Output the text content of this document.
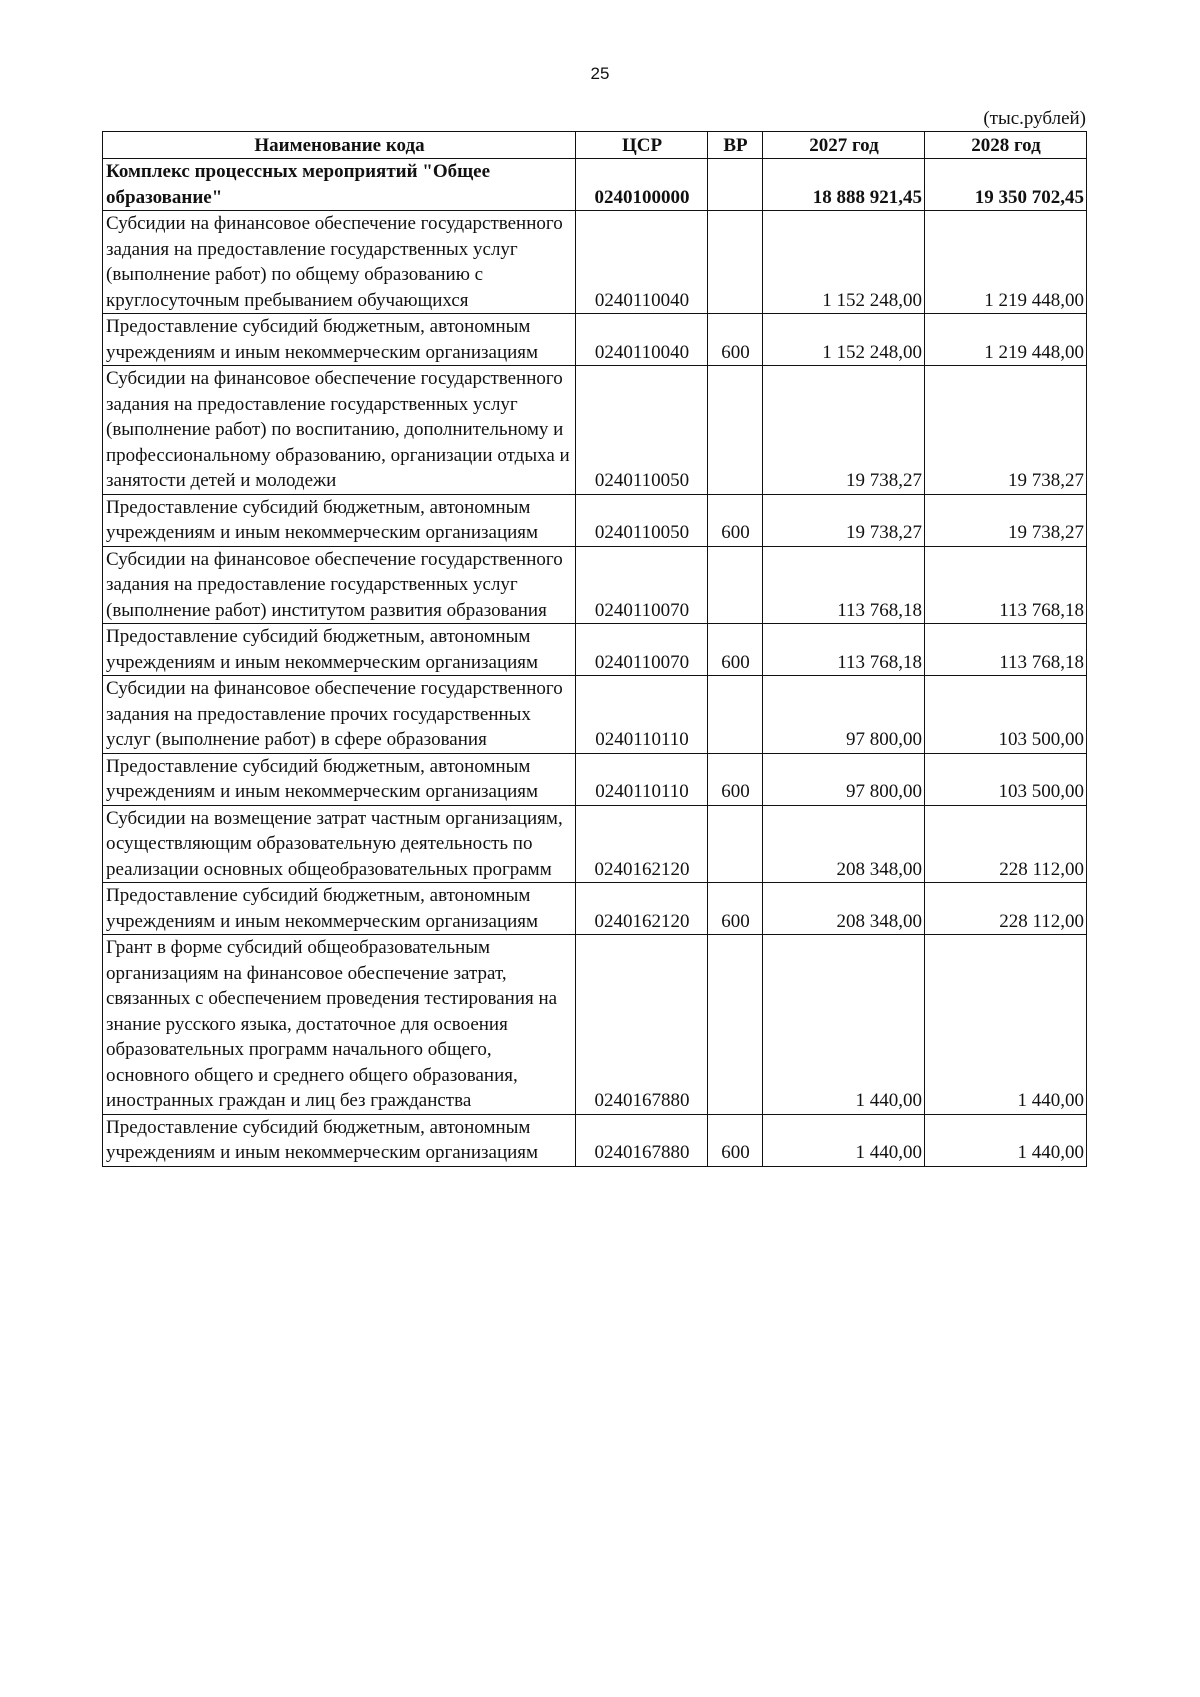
25
(тыс.рублей)
Наименование кода	ЦСР	ВР	2027 год	2028 год
Комплекс процессных мероприятий "Общее образование"	0240100000		18 888 921,45	19 350 702,45
Субсидии на финансовое обеспечение государственного задания на предоставление государственных услуг (выполнение работ) по общему образованию с круглосуточным пребыванием обучающихся	0240110040		1 152 248,00	1 219 448,00
Предоставление субсидий бюджетным, автономным учреждениям и иным некоммерческим организациям	0240110040	600	1 152 248,00	1 219 448,00
Субсидии на финансовое обеспечение государственного задания на предоставление государственных услуг (выполнение работ) по воспитанию, дополнительному и профессиональному образованию, организации отдыха и занятости детей и молодежи	0240110050		19 738,27	19 738,27
Предоставление субсидий бюджетным, автономным учреждениям и иным некоммерческим организациям	0240110050	600	19 738,27	19 738,27
Субсидии на финансовое обеспечение государственного задания на предоставление государственных услуг (выполнение работ) институтом развития образования	0240110070		113 768,18	113 768,18
Предоставление субсидий бюджетным, автономным учреждениям и иным некоммерческим организациям	0240110070	600	113 768,18	113 768,18
Субсидии на финансовое обеспечение государственного задания на предоставление прочих государственных услуг (выполнение работ) в сфере образования	0240110110		97 800,00	103 500,00
Предоставление субсидий бюджетным, автономным учреждениям и иным некоммерческим организациям	0240110110	600	97 800,00	103 500,00
Субсидии на возмещение затрат частным организациям, осуществляющим образовательную деятельность по реализации основных общеобразовательных программ	0240162120		208 348,00	228 112,00
Предоставление субсидий бюджетным, автономным учреждениям и иным некоммерческим организациям	0240162120	600	208 348,00	228 112,00
Грант в форме субсидий общеобразовательным организациям на финансовое обеспечение затрат, связанных с обеспечением проведения тестирования на знание русского языка, достаточное для освоения образовательных программ начального общего, основного общего и среднего общего образования, иностранных граждан и лиц без гражданства	0240167880		1 440,00	1 440,00
Предоставление субсидий бюджетным, автономным учреждениям и иным некоммерческим организациям	0240167880	600	1 440,00	1 440,00
